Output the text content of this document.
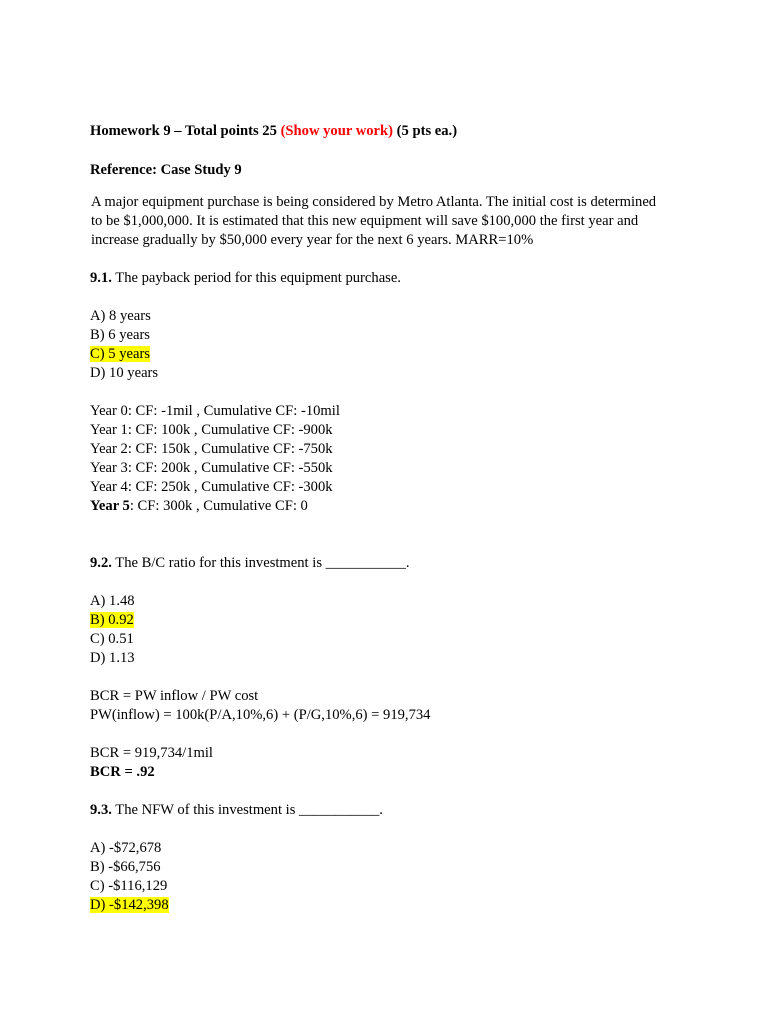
Homework 9 – Total points 25 (Show your work) (5 pts ea.)
Reference: Case Study 9
A major equipment purchase is being considered by Metro Atlanta. The initial cost is determined
to be $1,000,000. It is estimated that this new equipment will save $100,000 the first year and
increase gradually by $50,000 every year for the next 6 years. MARR=10%
9.1. The payback period for this equipment purchase.
A) 8 years
B) 6 years
C) 5 years
D) 10 years
Year 0: CF: -1mil , Cumulative CF: -10mil
Year 1: CF: 100k , Cumulative CF: -900k
Year 2: CF: 150k , Cumulative CF: -750k
Year 3: CF: 200k , Cumulative CF: -550k
Year 4: CF: 250k , Cumulative CF: -300k
Year 5: CF: 300k , Cumulative CF: 0
9.2. The B/C ratio for this investment is ___________.
A) 1.48
B) 0.92
C) 0.51
D) 1.13
BCR = PW inflow / PW cost
PW(inflow) = 100k(P/A,10%,6) + (P/G,10%,6) = 919,734
BCR = 919,734/1mil
BCR = .92
9.3. The NFW of this investment is ___________.
A) -$72,678
B) -$66,756
C) -$116,129
D) -$142,398
